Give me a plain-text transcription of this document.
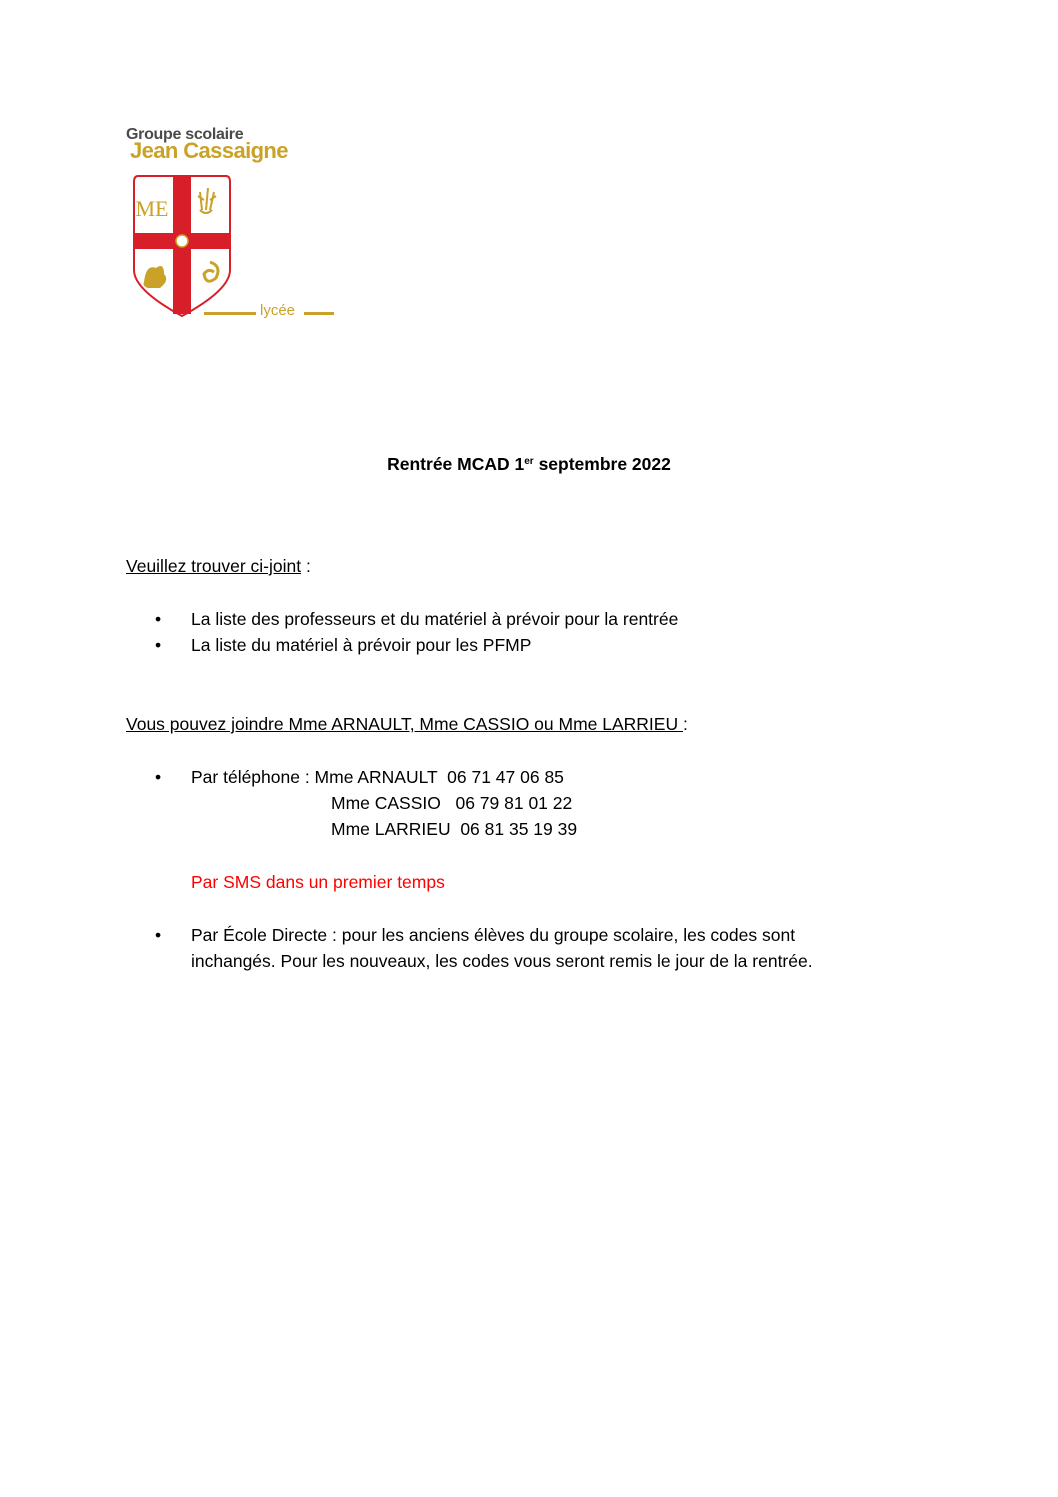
Groupe scolaire
Jean Cassaigne
ME
lycée
Rentrée MCAD 1er septembre 2022
Veuillez trouver ci-joint :
• La liste des professeurs et du matériel à prévoir pour la rentrée
• La liste du matériel à prévoir pour les PFMP
Vous pouvez joindre Mme ARNAULT, Mme CASSIO ou Mme LARRIEU :
• Par téléphone : Mme ARNAULT  06 71 47 06 85
Mme CASSIO   06 79 81 01 22
Mme LARRIEU  06 81 35 19 39
Par SMS dans un premier temps
• Par École Directe : pour les anciens élèves du groupe scolaire, les codes sont
inchangés. Pour les nouveaux, les codes vous seront remis le jour de la rentrée.
